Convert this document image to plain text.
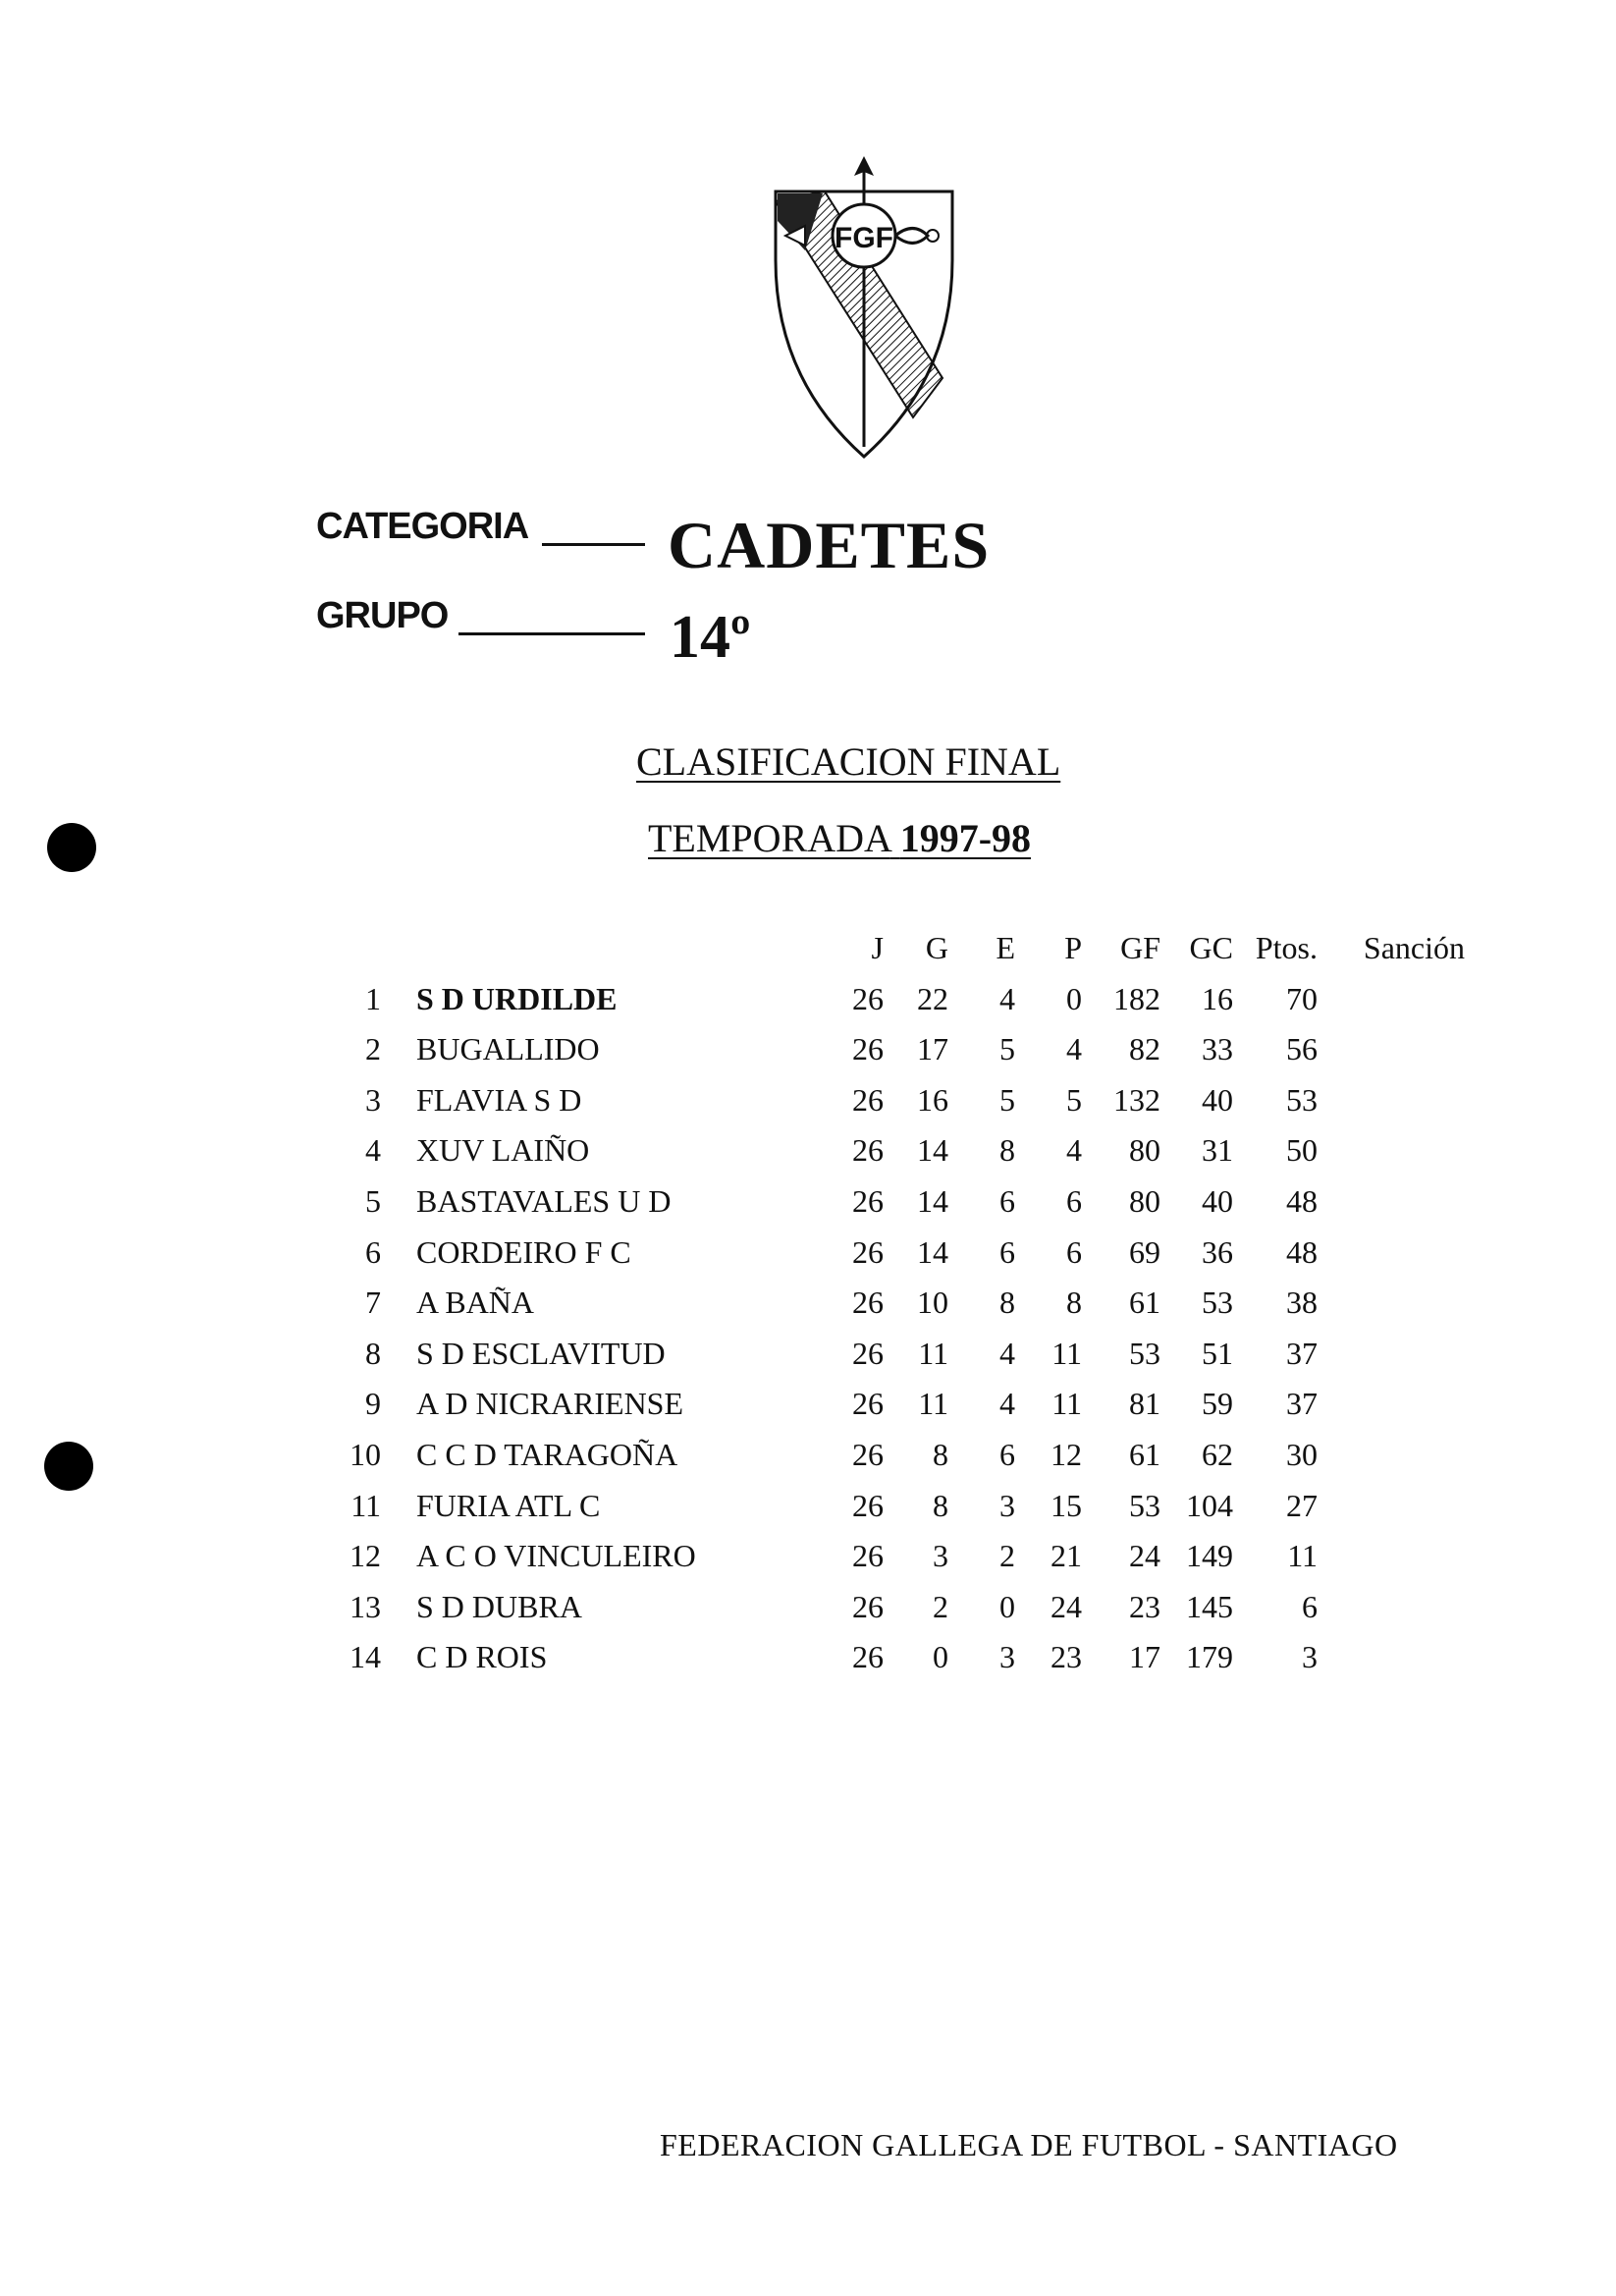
FGF
CATEGORIA CADETES
GRUPO	14º
CLASIFICACION FINAL
TEMPORADA 1997-98
			J	G	E	P	GF	GC	Ptos.	Sanción
1		S D URDILDE	26	22	4	0	182	16	70	
2		BUGALLIDO	26	17	5	4	82	33	56	
3		FLAVIA S D	26	16	5	5	132	40	53	
4		XUV LAIÑO	26	14	8	4	80	31	50	
5		BASTAVALES U D	26	14	6	6	80	40	48	
6		CORDEIRO F C	26	14	6	6	69	36	48	
7		A BAÑA	26	10	8	8	61	53	38	
8		S D ESCLAVITUD	26	11	4	11	53	51	37	
9		A D NICRARIENSE	26	11	4	11	81	59	37	
10		C C D TARAGOÑA	26	8	6	12	61	62	30	
11		FURIA ATL C	26	8	3	15	53	104	27	
12		A C O VINCULEIRO	26	3	2	21	24	149	11	
13		S D DUBRA	26	2	0	24	23	145	6	
14		C D ROIS	26	0	3	23	17	179	3	
FEDERACION GALLEGA DE FUTBOL - SANTIAGO
